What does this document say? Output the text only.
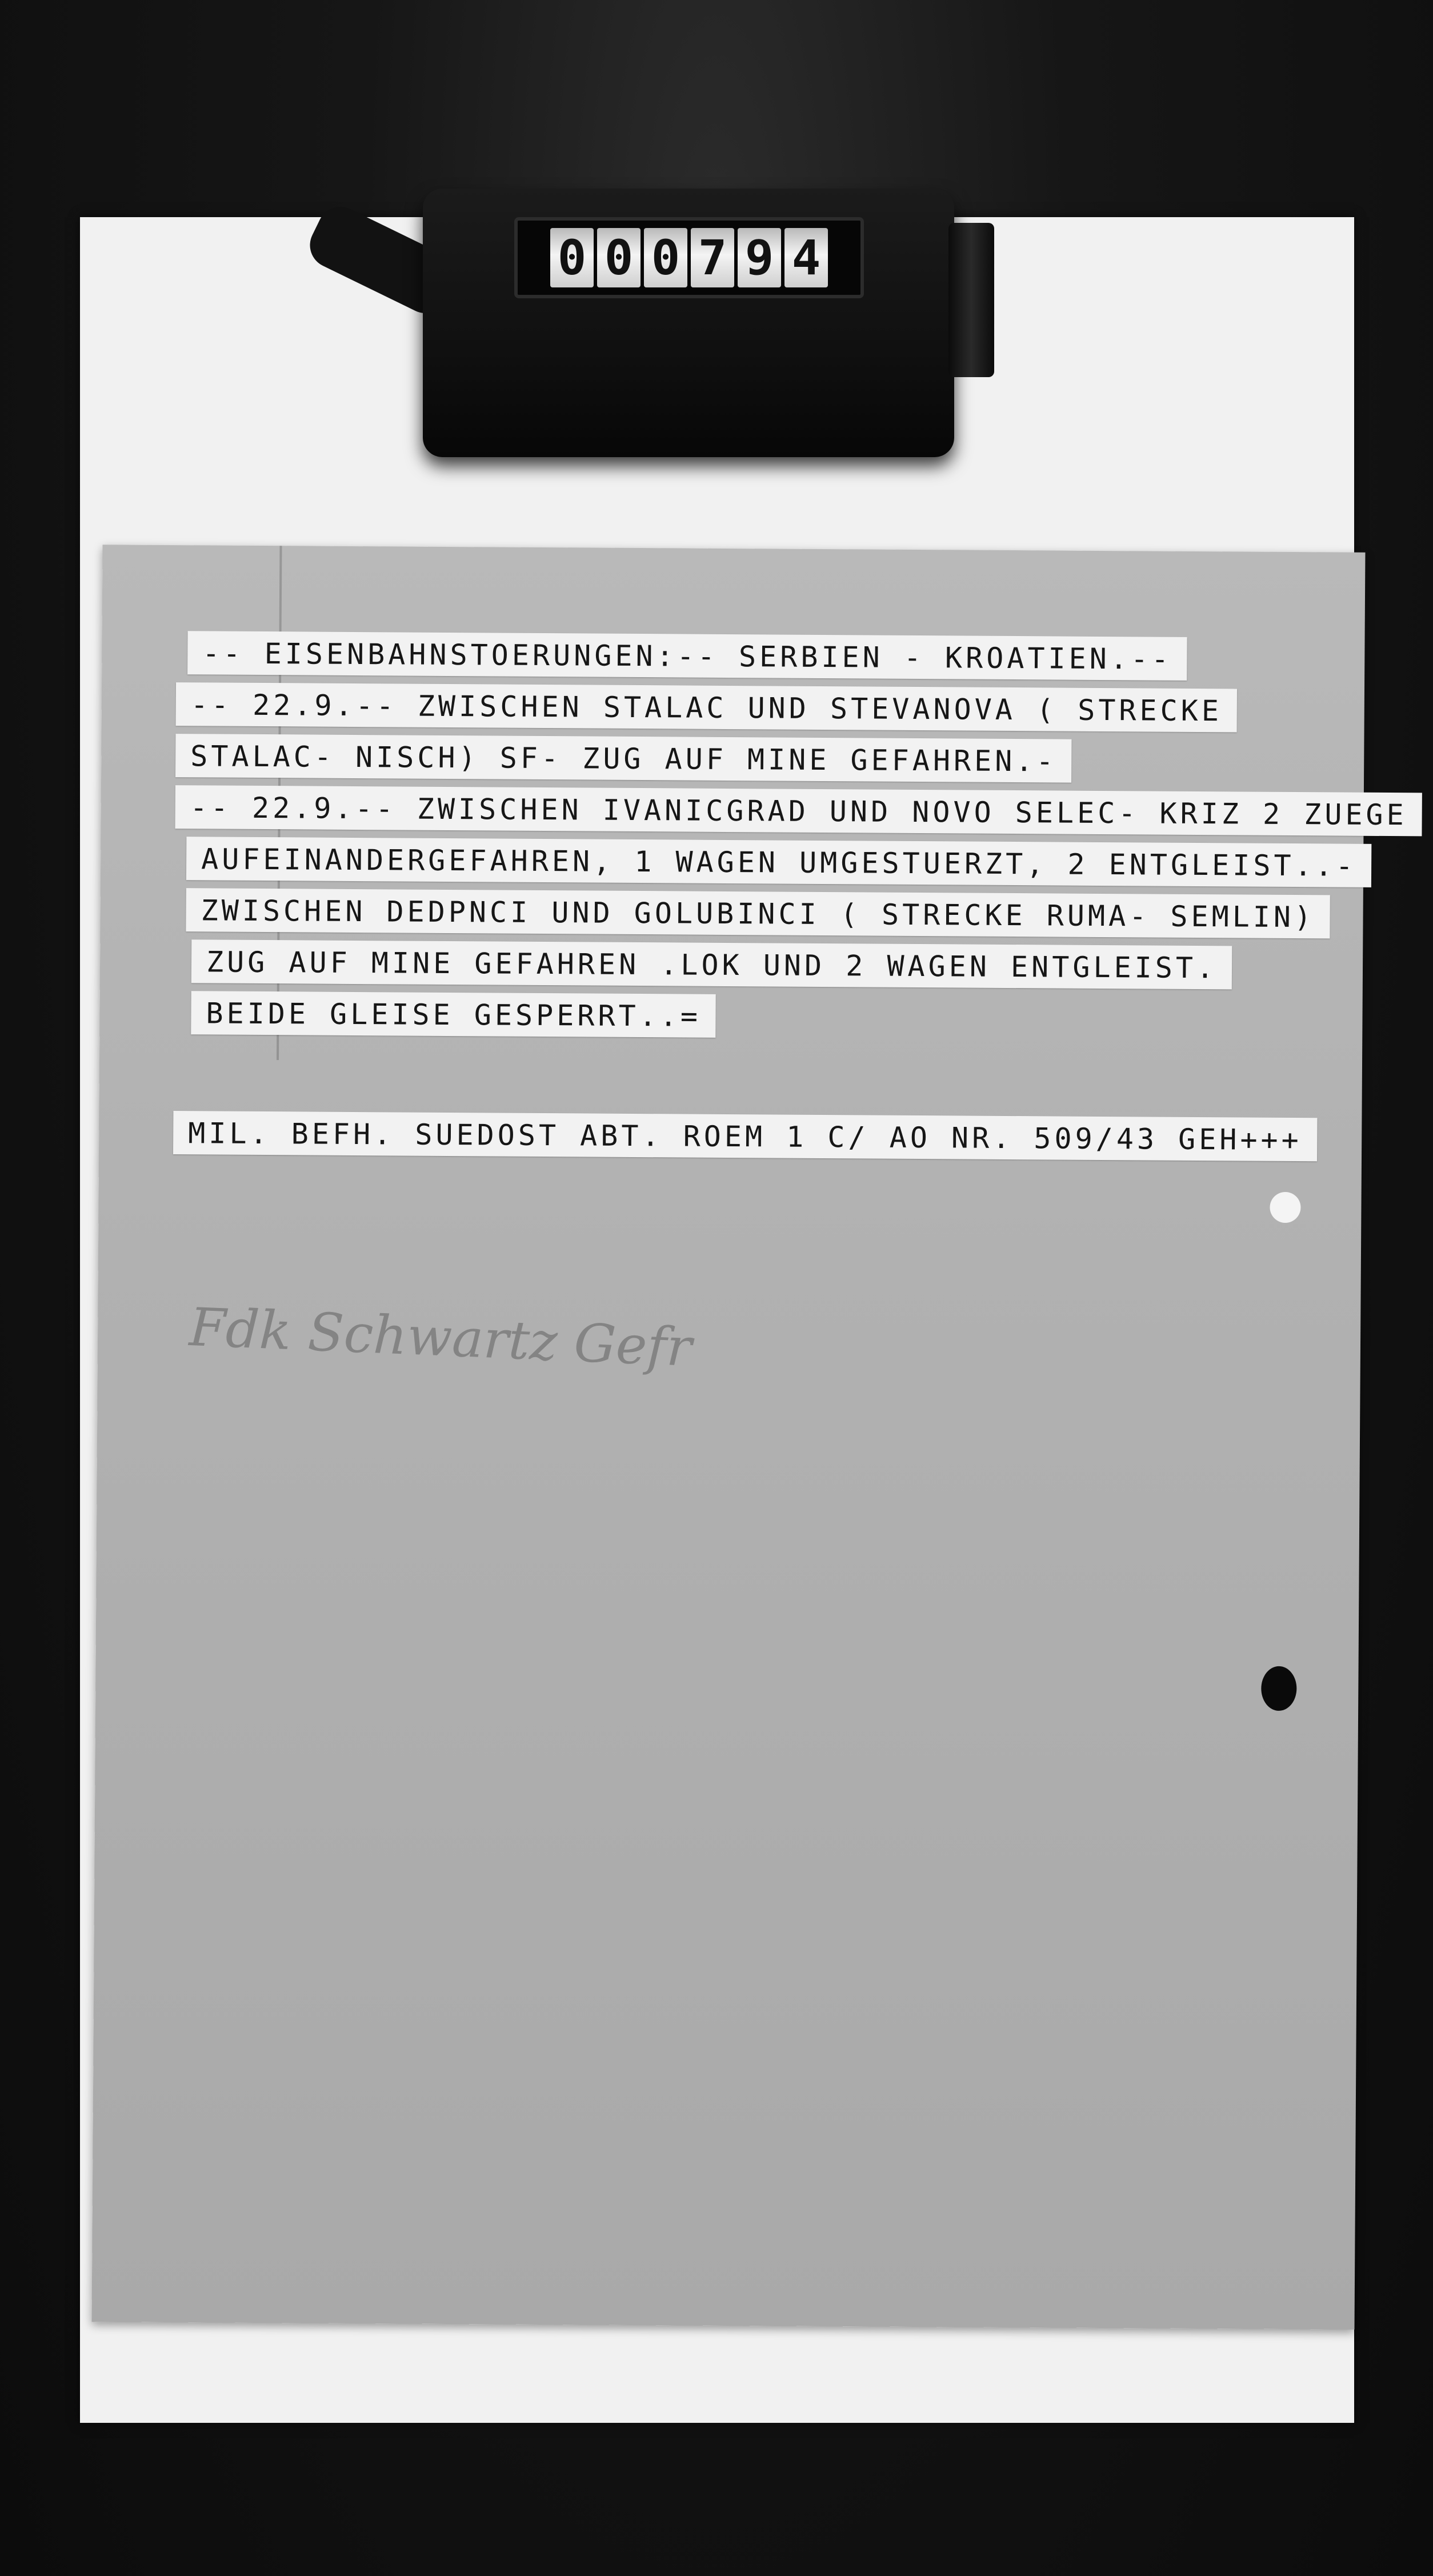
0 0 0 7 9 4
-- EISENBAHNSTOERUNGEN:-- SERBIEN - KROATIEN.--
-- 22.9.-- ZWISCHEN STALAC UND STEVANOVA ( STRECKE
STALAC- NISCH) SF- ZUG AUF MINE GEFAHREN.-
-- 22.9.-- ZWISCHEN IVANICGRAD UND NOVO SELEC- KRIZ 2 ZUEGE
AUFEINANDERGEFAHREN, 1 WAGEN UMGESTUERZT, 2 ENTGLEIST..-
ZWISCHEN DEDPNCI UND GOLUBINCI ( STRECKE RUMA- SEMLIN)
ZUG AUF MINE GEFAHREN .LOK UND 2 WAGEN ENTGLEIST.
BEIDE GLEISE GESPERRT..=
MIL. BEFH. SUEDOST ABT. ROEM 1 C/ AO NR. 509/43 GEH+++
Fdk Schwartz Gefr
